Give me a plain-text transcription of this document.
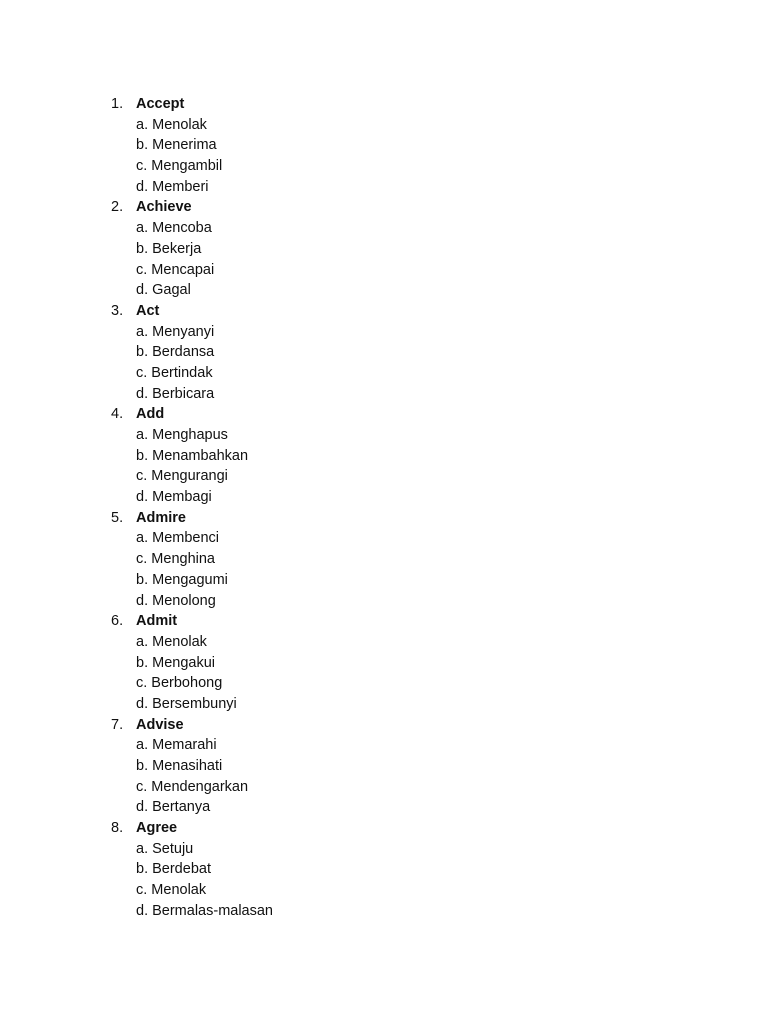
1. Accept
a. Menolak
b. Menerima
c. Mengambil
d. Memberi
2. Achieve
a. Mencoba
b. Bekerja
c. Mencapai
d. Gagal
3. Act
a. Menyanyi
b. Berdansa
c. Bertindak
d. Berbicara
4. Add
a. Menghapus
b. Menambahkan
c. Mengurangi
d. Membagi
5. Admire
a. Membenci
c. Menghina
b. Mengagumi
d. Menolong
6. Admit
a. Menolak
b. Mengakui
c. Berbohong
d. Bersembunyi
7. Advise
a. Memarahi
b. Menasihati
c. Mendengarkan
d. Bertanya
8. Agree
a. Setuju
b. Berdebat
c. Menolak
d. Bermalas-malasan
